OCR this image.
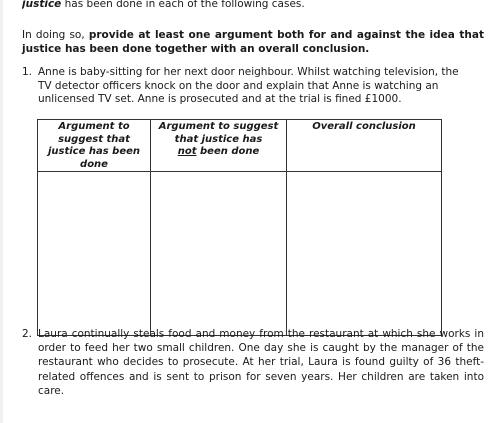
justice has been done in each of the following cases.
In doing so, provide at least one argument both for and against the idea that justice has been done together with an overall conclusion.
1. Anne is baby-sitting for her next door neighbour. Whilst watching television, the
TV detector officers knock on the door and explain that Anne is watching an
unlicensed TV set. Anne is prosecuted and at the trial is fined £1000.
Argument to suggest that justice has been done	Argument to suggest that justice has
not been done	Overall conclusion

2. Laura continually steals food and money from the restaurant at which she works in order to feed her two small children. One day she is caught by the manager of the restaurant who decides to prosecute. At her trial, Laura is found guilty of 36 theft-related offences and is sent to prison for seven years. Her children are taken into care.
